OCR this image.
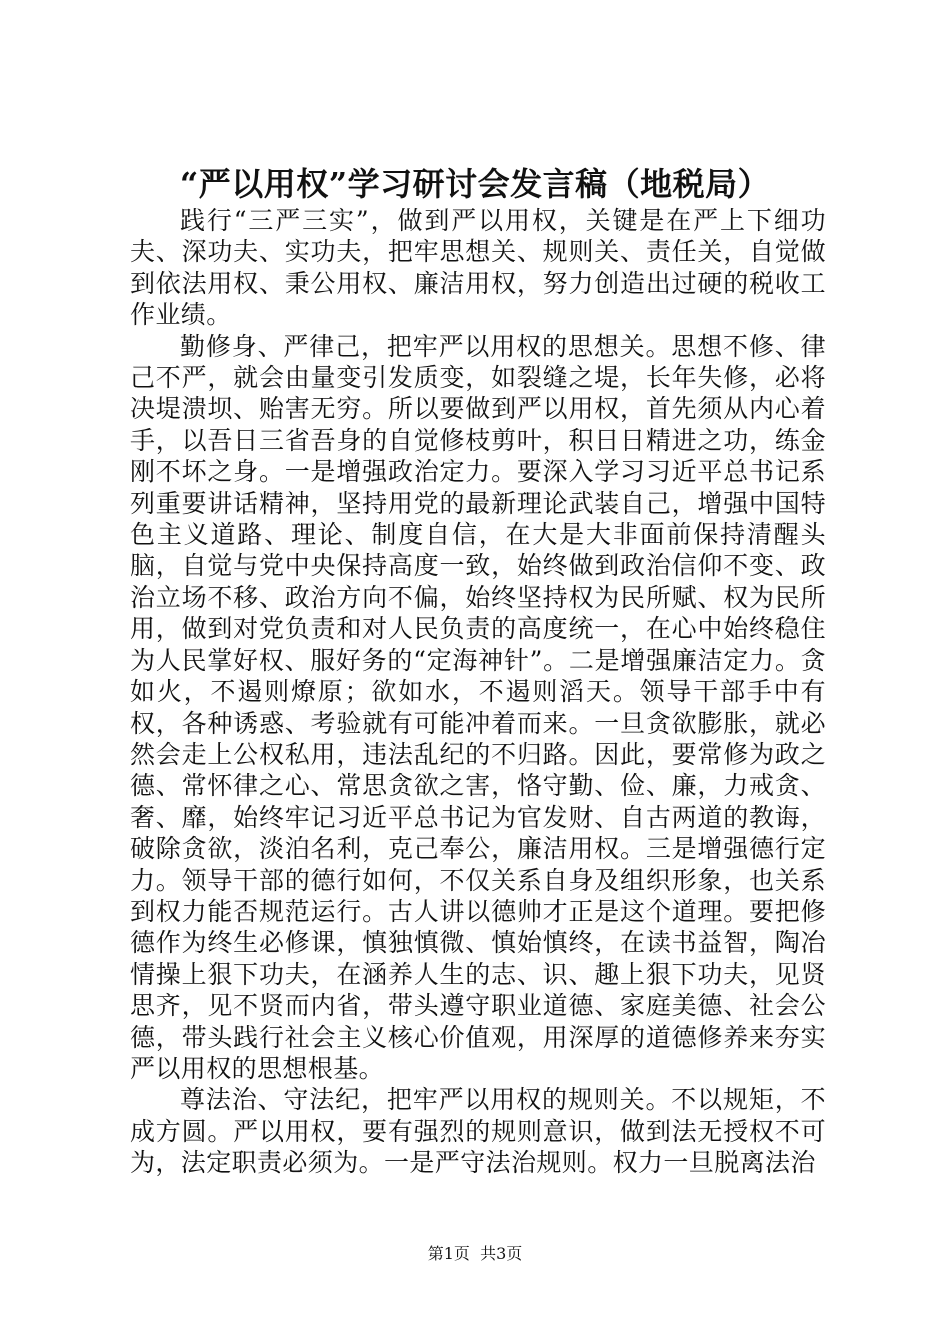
“严以用权”学习研讨会发言稿（地税局）

践行“三严三实”，做到严以用权，关键是在严上下细功夫、深功夫、实功夫，把牢思想关、规则关、责任关，自觉做到依法用权、秉公用权、廉洁用权，努力创造出过硬的税收工作业绩。

勤修身、严律己，把牢严以用权的思想关。思想不修、律己不严，就会由量变引发质变，如裂缝之堤，长年失修，必将决堤溃坝、贻害无穷。所以要做到严以用权，首先须从内心着手，以吾日三省吾身的自觉修枝剪叶，积日日精进之功，练金刚不坏之身。一是增强政治定力。要深入学习习近平总书记系列重要讲话精神，坚持用党的最新理论武装自己，增强中国特色主义道路、理论、制度自信，在大是大非面前保持清醒头脑，自觉与党中央保持高度一致，始终做到政治信仰不变、政治立场不移、政治方向不偏，始终坚持权为民所赋、权为民所用，做到对党负责和对人民负责的高度统一，在心中始终稳住为人民掌好权、服好务的“定海神针”。二是增强廉洁定力。贪如火，不遏则燎原；欲如水，不遏则滔天。领导干部手中有权，各种诱惑、考验就有可能冲着而来。一旦贪欲膨胀，就必然会走上公权私用，违法乱纪的不归路。因此，要常修为政之德、常怀律之心、常思贪欲之害，恪守勤、俭、廉，力戒贪、奢、靡，始终牢记习近平总书记为官发财、自古两道的教诲，破除贪欲，淡泊名利，克己奉公，廉洁用权。三是增强德行定力。领导干部的德行如何，不仅关系自身及组织形象，也关系到权力能否规范运行。古人讲以德帅才正是这个道理。要把修德作为终生必修课，慎独慎微、慎始慎终，在读书益智，陶冶情操上狠下功夫，在涵养人生的志、识、趣上狠下功夫，见贤思齐，见不贤而内省，带头遵守职业道德、家庭美德、社会公德，带头践行社会主义核心价值观，用深厚的道德修养来夯实严以用权的思想根基。

尊法治、守法纪，把牢严以用权的规则关。不以规矩，不成方圆。严以用权，要有强烈的规则意识，做到法无授权不可为，法定职责必须为。一是严守法治规则。权力一旦脱离法治

第1页  共3页
